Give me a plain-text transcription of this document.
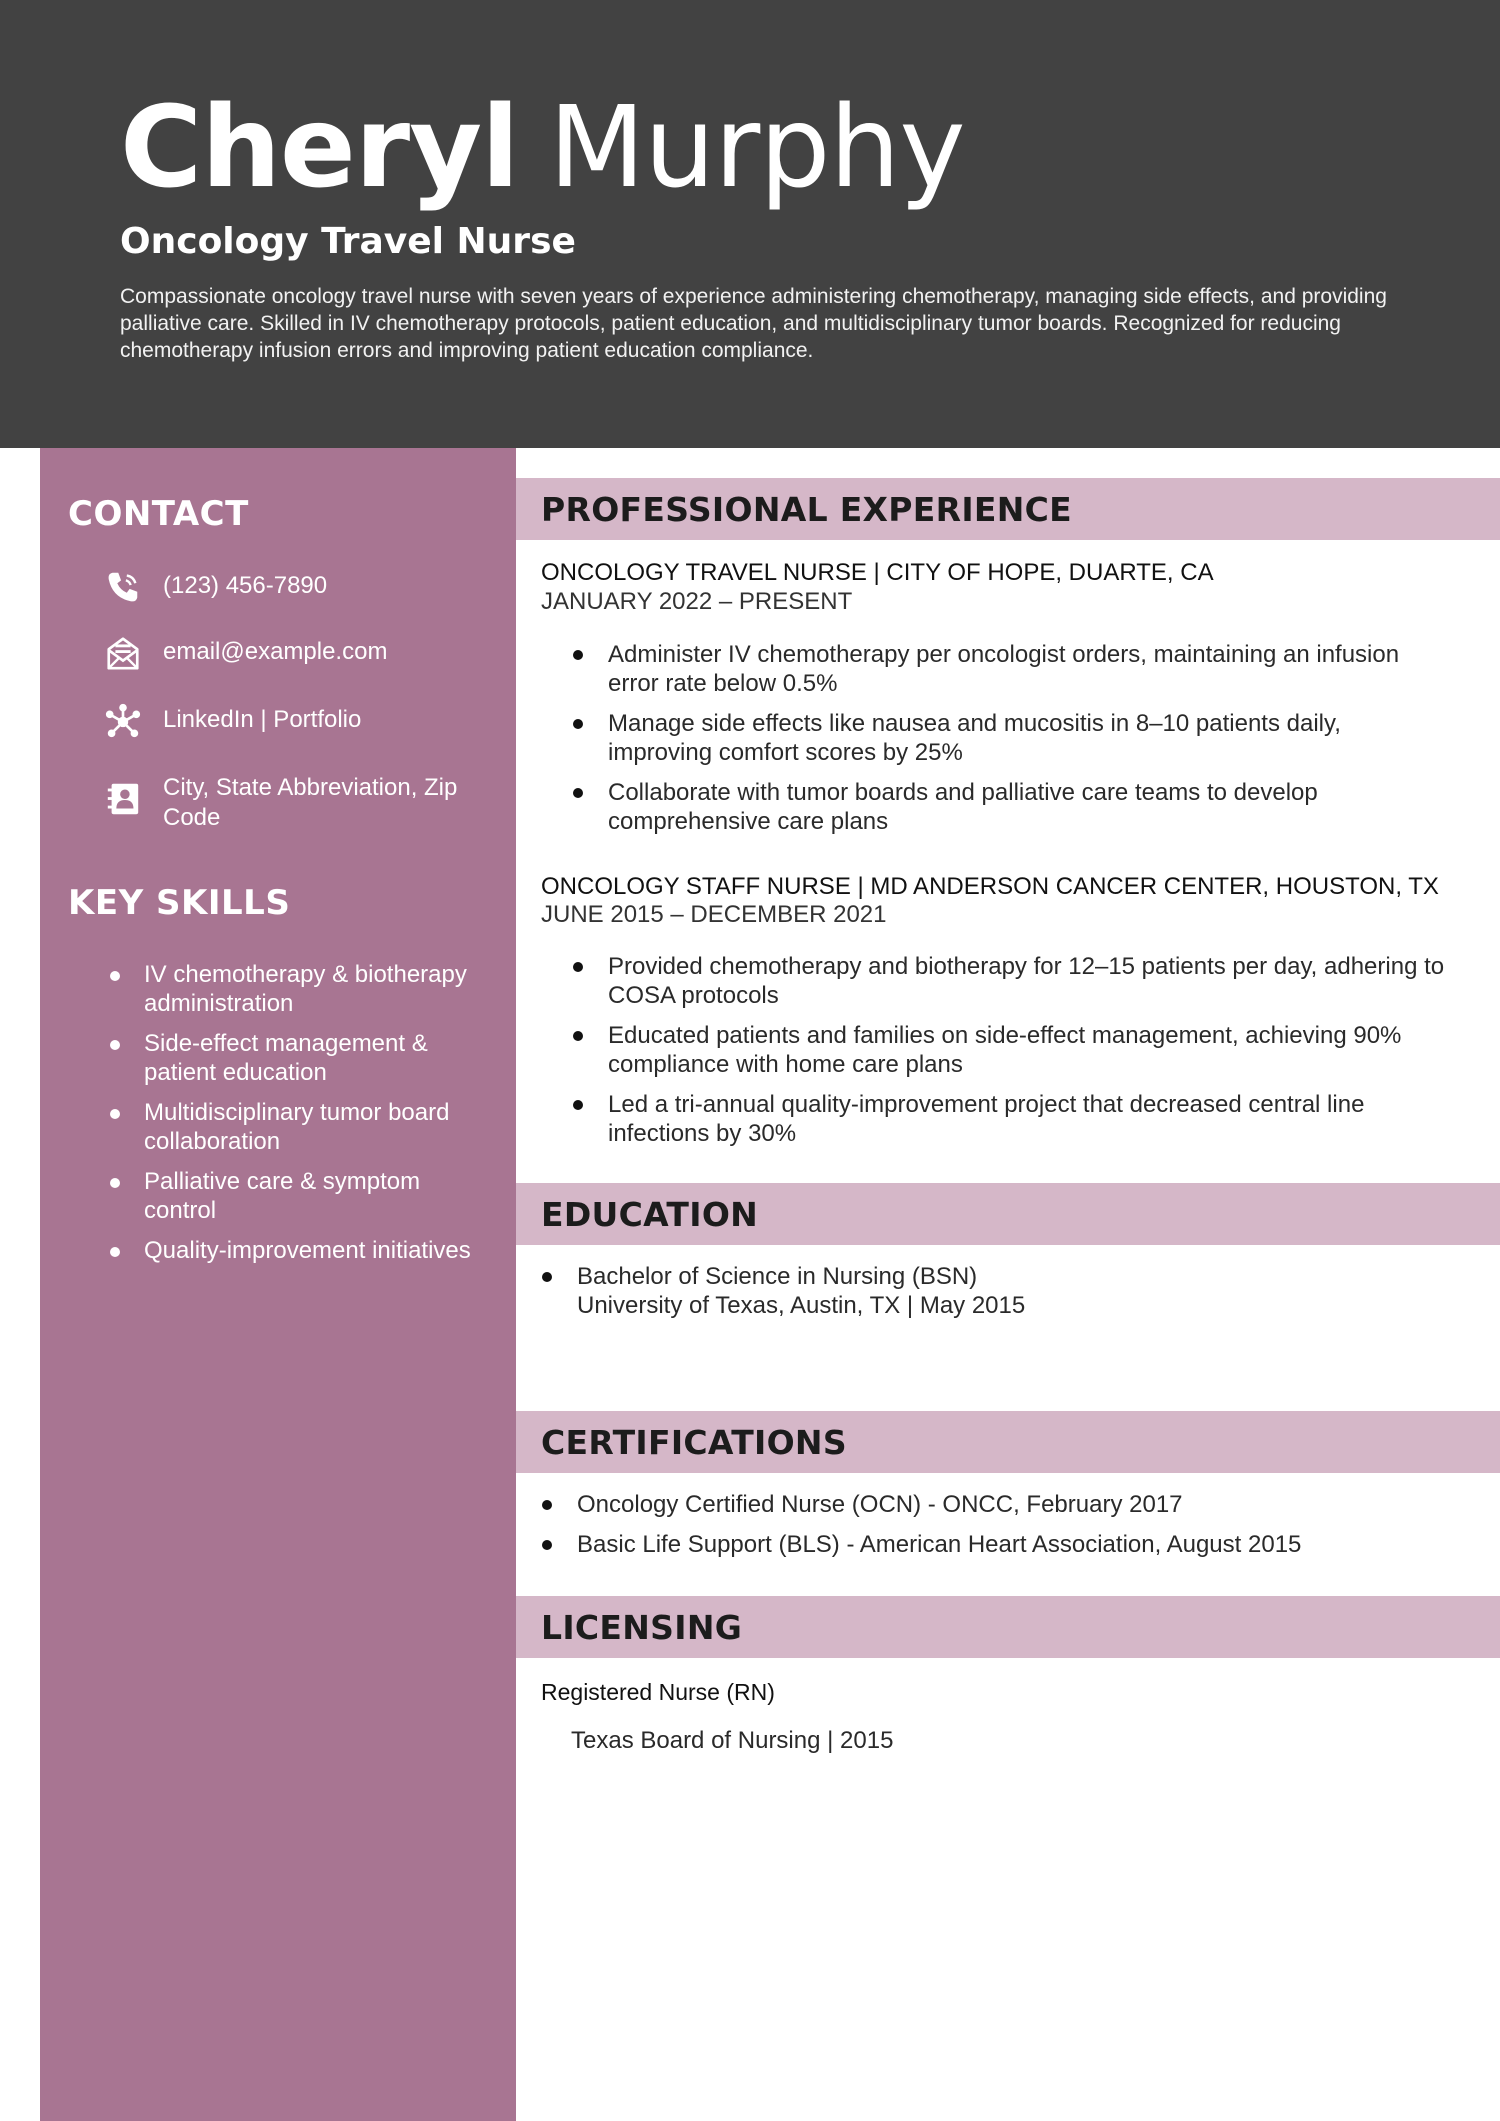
Cheryl Murphy
Oncology Travel Nurse
Compassionate oncology travel nurse with seven years of experience administering chemotherapy, managing side effects, and providing palliative care. Skilled in IV chemotherapy protocols, patient education, and multidisciplinary tumor boards. Recognized for reducing chemotherapy infusion errors and improving patient education compliance.
CONTACT
(123) 456-7890
email@example.com
LinkedIn | Portfolio
City, State Abbreviation, Zip Code
KEY SKILLS
IV chemotherapy & biotherapy administration
Side-effect management & patient education
Multidisciplinary tumor board collaboration
Palliative care & symptom control
Quality-improvement initiatives
PROFESSIONAL EXPERIENCE
ONCOLOGY TRAVEL NURSE | CITY OF HOPE, DUARTE, CA
JANUARY 2022 – PRESENT
Administer IV chemotherapy per oncologist orders, maintaining an infusion error rate below 0.5%
Manage side effects like nausea and mucositis in 8–10 patients daily, improving comfort scores by 25%
Collaborate with tumor boards and palliative care teams to develop comprehensive care plans
ONCOLOGY STAFF NURSE | MD ANDERSON CANCER CENTER, HOUSTON, TX
JUNE 2015 – DECEMBER 2021
Provided chemotherapy and biotherapy for 12–15 patients per day, adhering to COSA protocols
Educated patients and families on side-effect management, achieving 90% compliance with home care plans
Led a tri-annual quality-improvement project that decreased central line infections by 30%
EDUCATION
Bachelor of Science in Nursing (BSN)
University of Texas, Austin, TX | May 2015
CERTIFICATIONS
Oncology Certified Nurse (OCN) - ONCC, February 2017
Basic Life Support (BLS) - American Heart Association, August 2015
LICENSING
Registered Nurse (RN)
Texas Board of Nursing | 2015
